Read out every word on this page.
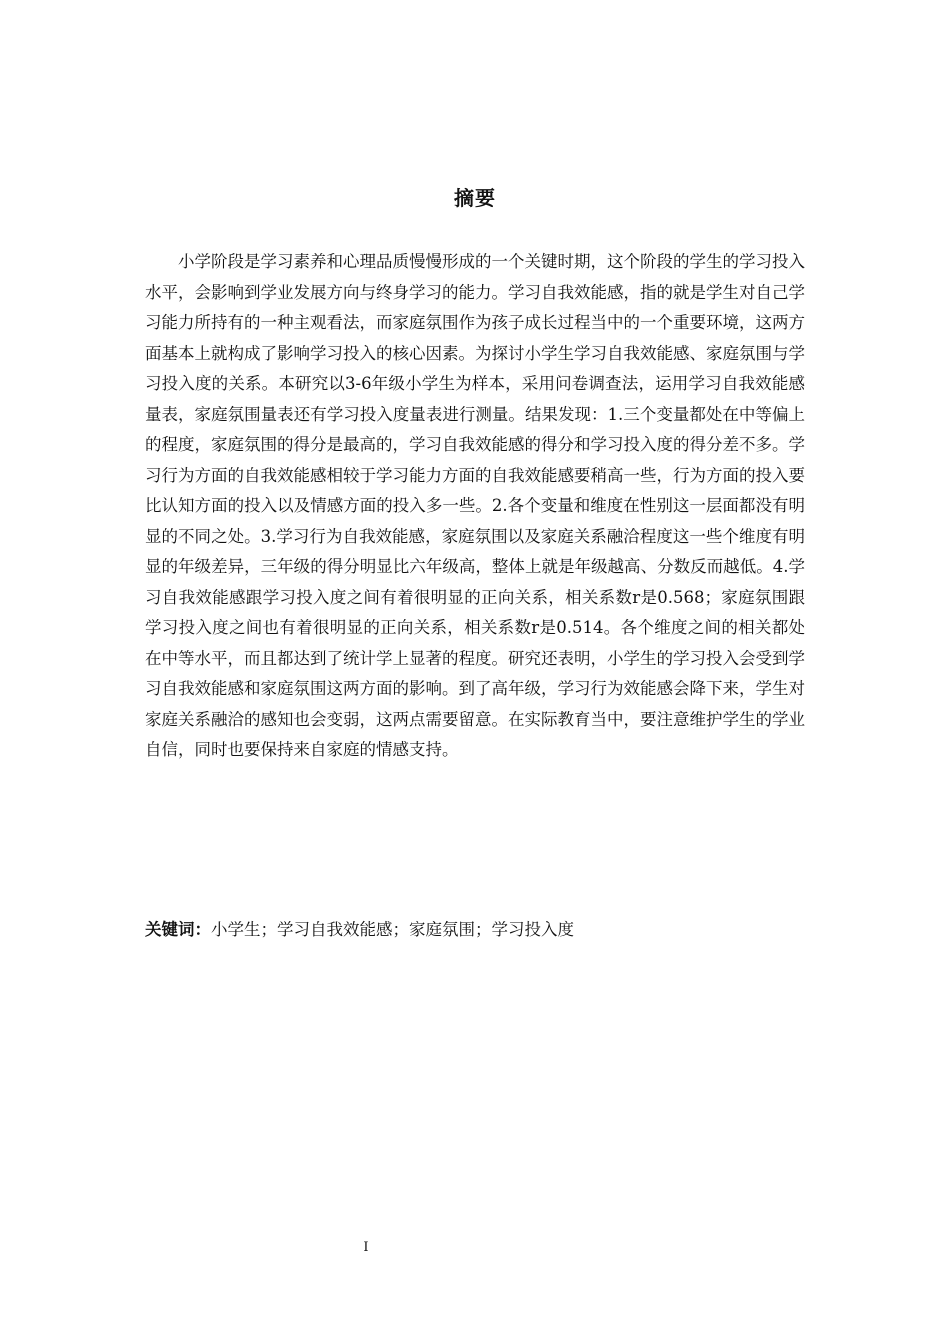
摘要

小学阶段是学习素养和心理品质慢慢形成的一个关键时期，这个阶段的学生的学习投入水平，会影响到学业发展方向与终身学习的能力。学习自我效能感，指的就是学生对自己学习能力所持有的一种主观看法，而家庭氛围作为孩子成长过程当中的一个重要环境，这两方面基本上就构成了影响学习投入的核心因素。为探讨小学生学习自我效能感、家庭氛围与学习投入度的关系。本研究以3-6年级小学生为样本，采用问卷调查法，运用学习自我效能感量表，家庭氛围量表还有学习投入度量表进行测量。结果发现：1.三个变量都处在中等偏上的程度，家庭氛围的得分是最高的，学习自我效能感的得分和学习投入度的得分差不多。学习行为方面的自我效能感相较于学习能力方面的自我效能感要稍高一些，行为方面的投入要比认知方面的投入以及情感方面的投入多一些。2.各个变量和维度在性别这一层面都没有明显的不同之处。3.学习行为自我效能感，家庭氛围以及家庭关系融洽程度这一些个维度有明显的年级差异，三年级的得分明显比六年级高，整体上就是年级越高、分数反而越低。4.学习自我效能感跟学习投入度之间有着很明显的正向关系，相关系数r是0.568；家庭氛围跟学习投入度之间也有着很明显的正向关系，相关系数r是0.514。各个维度之间的相关都处在中等水平，而且都达到了统计学上显著的程度。研究还表明，小学生的学习投入会受到学习自我效能感和家庭氛围这两方面的影响。到了高年级，学习行为效能感会降下来，学生对家庭关系融洽的感知也会变弱，这两点需要留意。在实际教育当中，要注意维护学生的学业自信，同时也要保持来自家庭的情感支持。

关键词：小学生；学习自我效能感；家庭氛围；学习投入度

I
